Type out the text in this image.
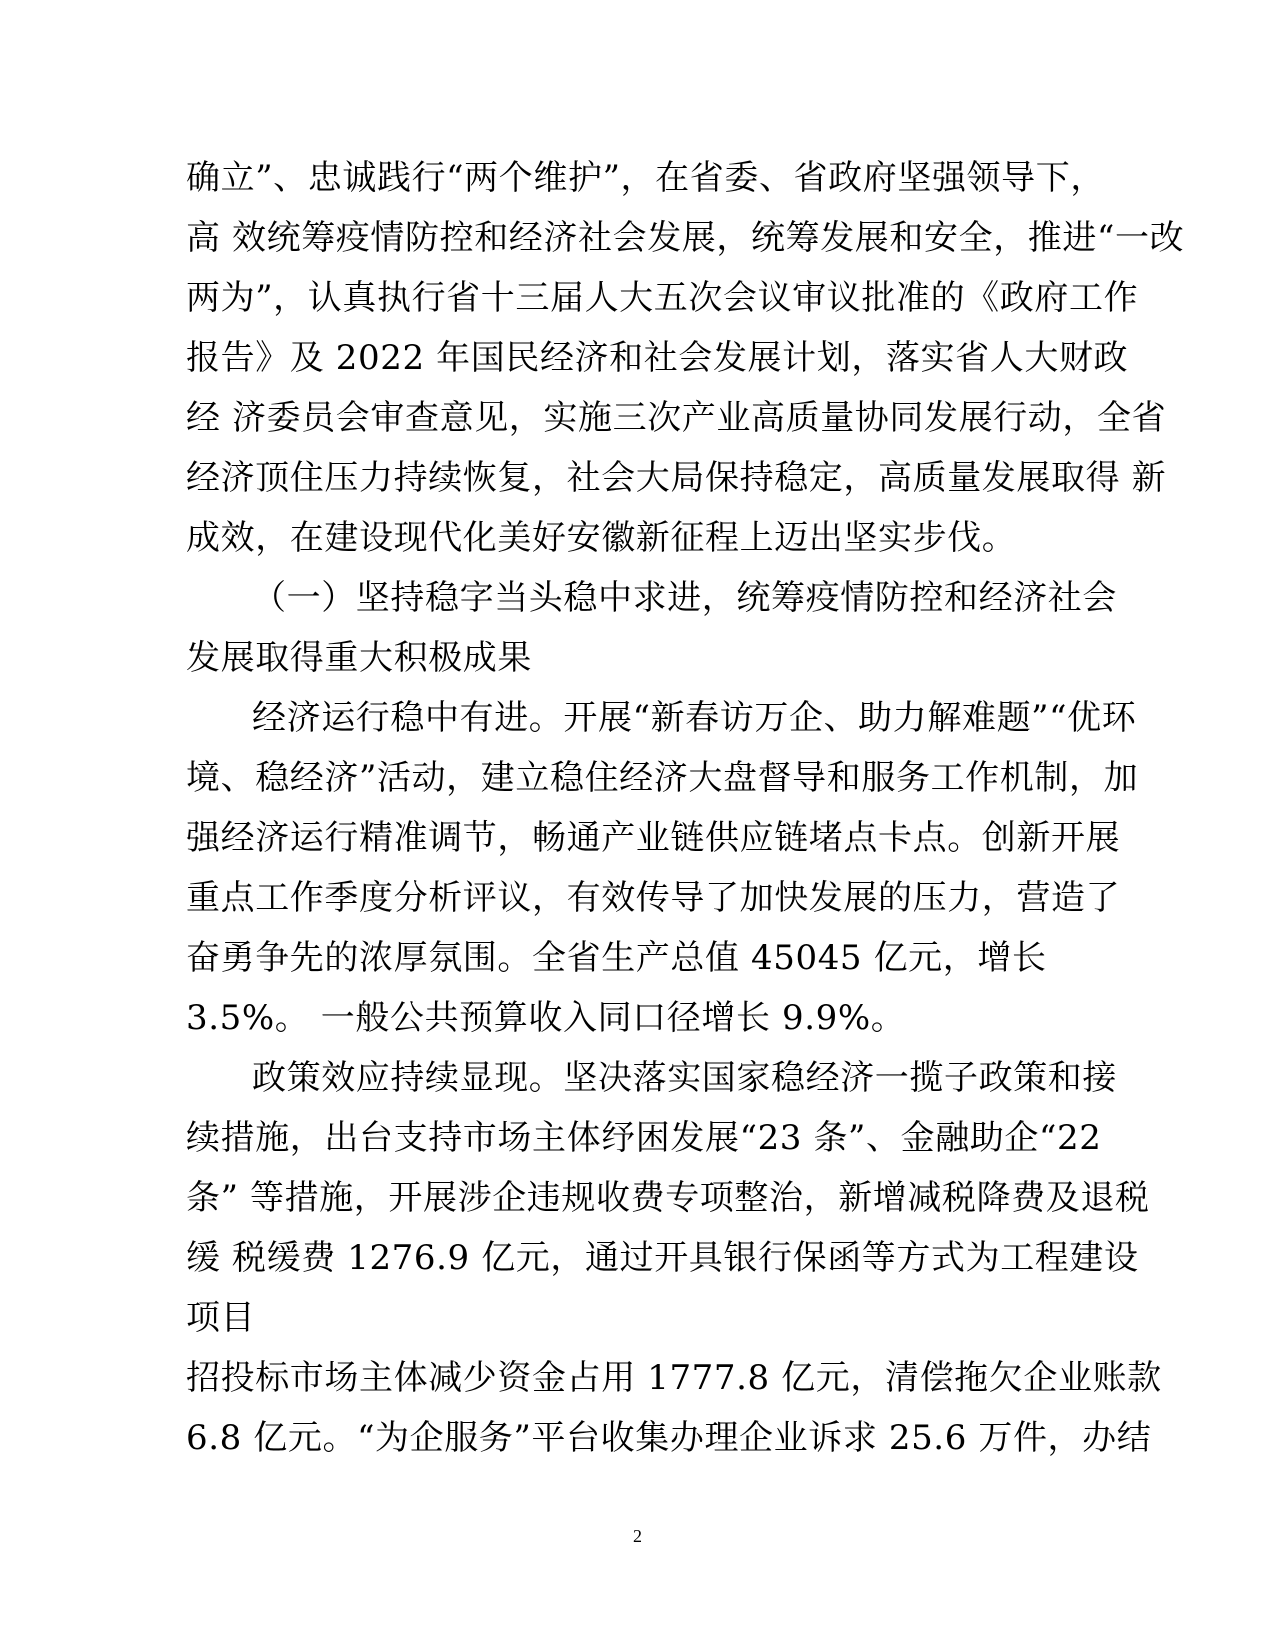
确立”、忠诚践行“两个维护”，在省委、省政府坚强领导下，
高 效统筹疫情防控和经济社会发展，统筹发展和安全，推进“一改
两为”，认真执行省十三届人大五次会议审议批准的《政府工作
报告》及 2022 年国民经济和社会发展计划，落实省人大财政
经 济委员会审查意见，实施三次产业高质量协同发展行动，全省
经济顶住压力持续恢复，社会大局保持稳定，高质量发展取得 新
成效，在建设现代化美好安徽新征程上迈出坚实步伐。
（一）坚持稳字当头稳中求进，统筹疫情防控和经济社会
发展取得重大积极成果
经济运行稳中有进。开展“新春访万企、助力解难题”“优环
境、稳经济”活动，建立稳住经济大盘督导和服务工作机制，加
强经济运行精准调节，畅通产业链供应链堵点卡点。创新开展
重点工作季度分析评议，有效传导了加快发展的压力，营造了
奋勇争先的浓厚氛围。全省生产总值 45045 亿元，增长
3.5%。 一般公共预算收入同口径增长 9.9%。
政策效应持续显现。坚决落实国家稳经济一揽子政策和接
续措施，出台支持市场主体纾困发展“23 条”、金融助企“22
条” 等措施，开展涉企违规收费专项整治，新增减税降费及退税
缓 税缓费 1276.9 亿元，通过开具银行保函等方式为工程建设
项目
招投标市场主体减少资金占用 1777.8 亿元，清偿拖欠企业账款
6.8 亿元。“为企服务”平台收集办理企业诉求 25.6 万件，办结
2
